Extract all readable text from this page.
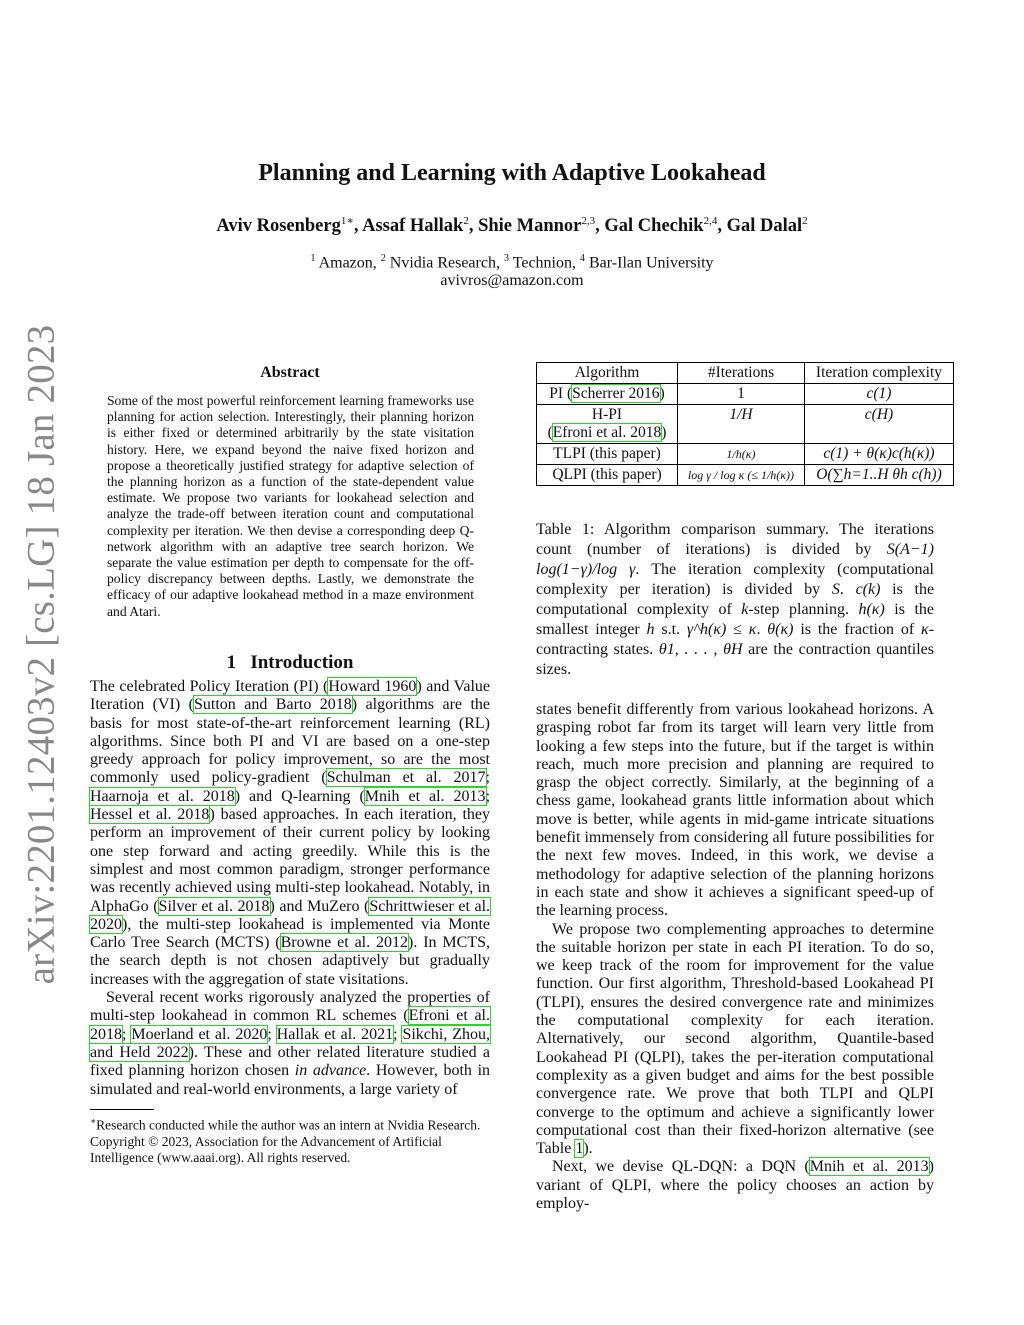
arXiv:2201.12403v2 [cs.LG] 18 Jan 2023
Planning and Learning with Adaptive Lookahead
Aviv Rosenberg$^{1∗}$, Assaf Hallak$^2$, Shie Mannor$^{2,3}$, Gal Chechik$^{2,4}$, Gal Dalal$^2$
$^1$ Amazon, $^2$ Nvidia Research, $^3$ Technion, $^4$ Bar-Ilan University
avivros@amazon.com
Abstract
Some of the most powerful reinforcement learning frameworks use planning for action selection. Interestingly, their planning horizon is either fixed or determined arbitrarily by the state visitation history. Here, we expand beyond the naive fixed horizon and propose a theoretically justified strategy for adaptive selection of the planning horizon as a function of the state-dependent value estimate. We propose two variants for lookahead selection and analyze the trade-off between iteration count and computational complexity per iteration. We then devise a corresponding deep Q-network algorithm with an adaptive tree search horizon. We separate the value estimation per depth to compensate for the off-policy discrepancy between depths. Lastly, we demonstrate the efficacy of our adaptive lookahead method in a maze environment and Atari.
1 Introduction

The celebrated Policy Iteration (PI) (Howard 1960) and Value Iteration (VI) (Sutton and Barto 2018) algorithms are the basis for most state-of-the-art reinforcement learning (RL) algorithms. Since both PI and VI are based on a one-step greedy approach for policy improvement, so are the most commonly used policy-gradient (Schulman et al. 2017; Haarnoja et al. 2018) and Q-learning (Mnih et al. 2013; Hessel et al. 2018) based approaches. In each iteration, they perform an improvement of their current policy by looking one step forward and acting greedily. While this is the simplest and most common paradigm, stronger performance was recently achieved using multi-step lookahead. Notably, in AlphaGo (Silver et al. 2018) and MuZero (Schrittwieser et al. 2020), the multi-step lookahead is implemented via Monte Carlo Tree Search (MCTS) (Browne et al. 2012). In MCTS, the search depth is not chosen adaptively but gradually increases with the aggregation of state visitations.

Several recent works rigorously analyzed the properties of multi-step lookahead in common RL schemes (Efroni et al. 2018; Moerland et al. 2020; Hallak et al. 2021; Sikchi, Zhou, and Held 2022). These and other related literature studied a fixed planning horizon chosen in advance. However, both in simulated and real-world environments, a large variety of

∗Research conducted while the author was an intern at Nvidia Research.
Copyright © 2023, Association for the Advancement of Artificial Intelligence (www.aaai.org). All rights reserved.
Algorithm	#Iterations	Iteration complexity
PI (Scherrer 2016)	1	c(1)

H-PI
(Efroni et al. 2018)	1/H	c(H)
TLPI (this paper)	1/h(κ)	c(1) + θ(κ)c(h(κ))
QLPI (this paper)	log γ / log κ (≤ 1/h(κ))	O(∑h=1..H θh c(h))
Table 1: Algorithm comparison summary. The iterations count (number of iterations) is divided by S(A−1) log(1−γ)/log γ. The iteration complexity (computational complexity per iteration) is divided by S. c(k) is the computational complexity of k-step planning. h(κ) is the smallest integer h s.t. γ^h(κ) ≤ κ. θ(κ) is the fraction of κ-contracting states. θ1, . . . , θH are the contraction quantiles sizes.

states benefit differently from various lookahead horizons. A grasping robot far from its target will learn very little from looking a few steps into the future, but if the target is within reach, much more precision and planning are required to grasp the object correctly. Similarly, at the beginning of a chess game, lookahead grants little information about which move is better, while agents in mid-game intricate situations benefit immensely from considering all future possibilities for the next few moves. Indeed, in this work, we devise a methodology for adaptive selection of the planning horizons in each state and show it achieves a significant speed-up of the learning process.

We propose two complementing approaches to determine the suitable horizon per state in each PI iteration. To do so, we keep track of the room for improvement for the value function. Our first algorithm, Threshold-based Lookahead PI (TLPI), ensures the desired convergence rate and minimizes the computational complexity for each iteration. Alternatively, our second algorithm, Quantile-based Lookahead PI (QLPI), takes the per-iteration computational complexity as a given budget and aims for the best possible convergence rate. We prove that both TLPI and QLPI converge to the optimum and achieve a significantly lower computational cost than their fixed-horizon alternative (see Table 1).

Next, we devise QL-DQN: a DQN (Mnih et al. 2013) variant of QLPI, where the policy chooses an action by employ-
